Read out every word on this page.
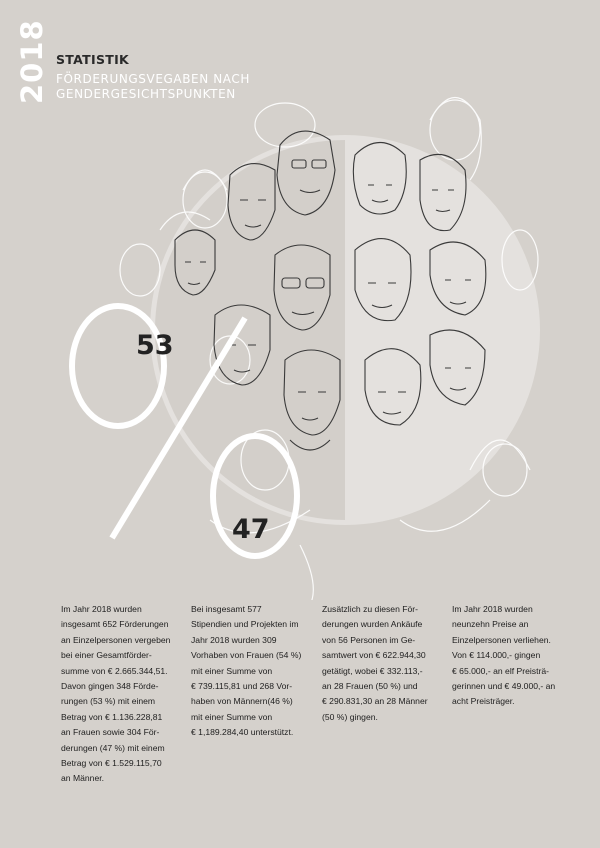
2018 STATISTIK
FÖRDERUNGSVEGABEN NACH
GENDERGESICHTSPUNKTEN
53
47
Im Jahr 2018 wurden
insgesamt 652 Förderungen
an Einzelpersonen vergeben
bei einer Gesamtförder-
summe von € 2.665.344,51.
Davon gingen 348 Förde-
rungen (53 %) mit einem
Betrag von € 1.136.228,81
an Frauen sowie 304 För-
derungen (47 %) mit einem
Betrag von € 1.529.115,70
an Männer.
Bei insgesamt 577
Stipendien und Projekten im
Jahr 2018 wurden 309
Vorhaben von Frauen (54 %)
mit einer Summe von
€ 739.115,81 und 268 Vor-
haben von Männern(46 %)
mit einer Summe von
€ 1,189.284,40 unterstützt.
Zusätzlich zu diesen För-
derungen wurden Ankäufe
von 56 Personen im Ge-
samtwert von € 622.944,30
getätigt, wobei € 332.113,-
an 28 Frauen (50 %) und
€ 290.831,30 an 28 Männer
(50 %) gingen.
Im Jahr 2018 wurden
neunzehn Preise an
Einzelpersonen verliehen.
Von € 114.000,- gingen
€ 65.000,- an elf Preisträ-
gerinnen und € 49.000,- an
acht Preisträger.
